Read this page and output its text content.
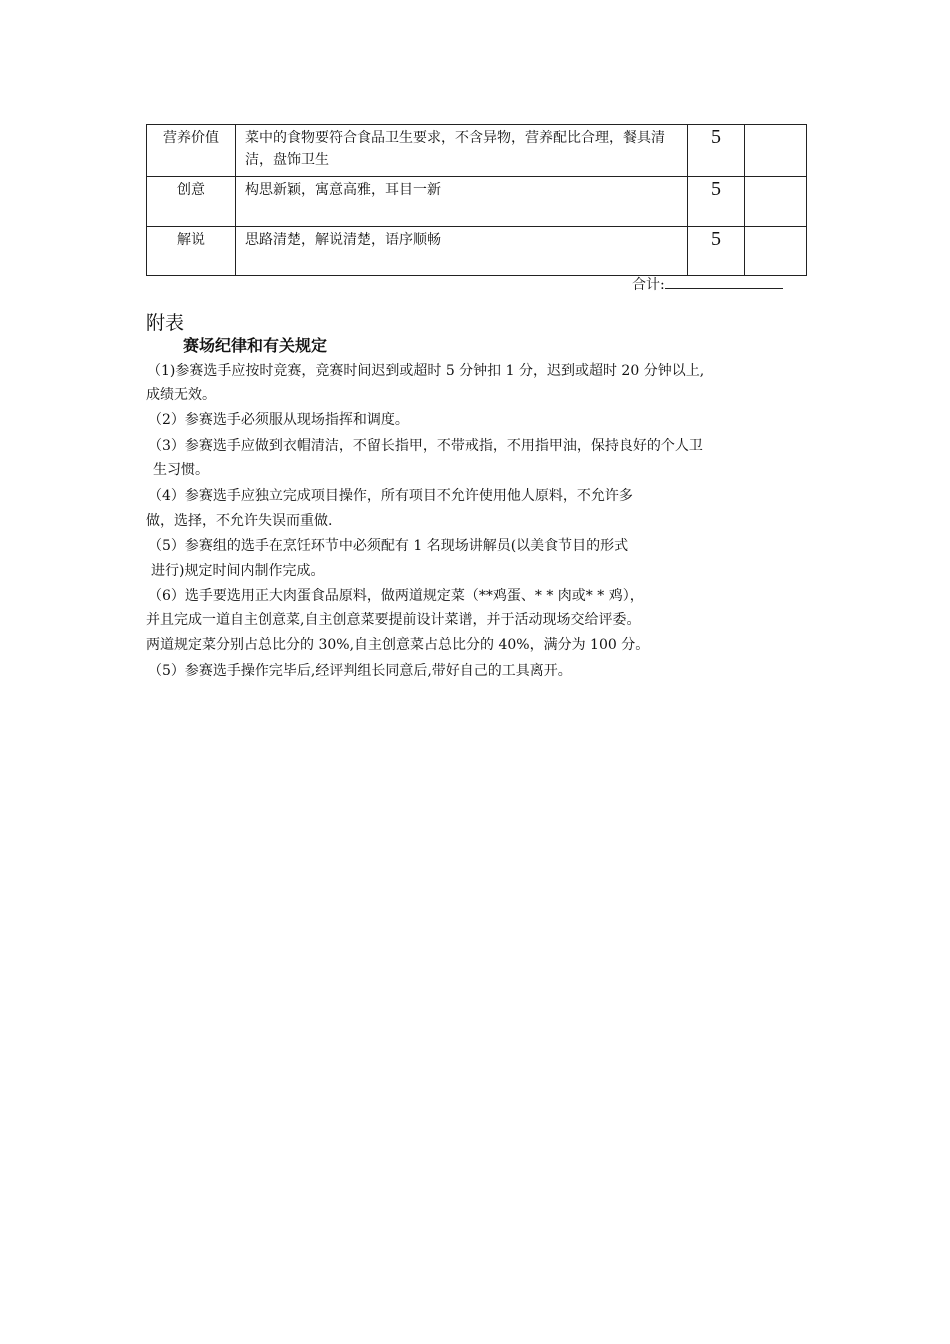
营养价值	菜中的食物要符合食品卫生要求，不含异物，营养配比合理，餐具清洁，盘饰卫生	5	
创意	构思新颖，寓意高雅，耳目一新	5	
解说	思路清楚，解说清楚，语序顺畅	5	
合计:
附表
赛场纪律和有关规定

（1)参赛选手应按时竞赛，竞赛时间迟到或超时 5 分钟扣 1 分，迟到或超时 20 分钟以上,

成绩无效。

（2）参赛选手必须服从现场指挥和调度。

（3）参赛选手应做到衣帽清洁，不留长指甲，不带戒指，不用指甲油，保持良好的个人卫

生习惯。

（4）参赛选手应独立完成项目操作，所有项目不允许使用他人原料，不允许多

做，选择，不允许失误而重做.

（5）参赛组的选手在烹饪环节中必须配有 1 名现场讲解员(以美食节目的形式

进行)规定时间内制作完成。

（6）选手要选用正大肉蛋食品原料，做两道规定菜（**鸡蛋、* * 肉或* * 鸡），

并且完成一道自主创意菜,自主创意菜要提前设计菜谱，并于活动现场交给评委。

两道规定菜分别占总比分的 30%,自主创意菜占总比分的 40%，满分为 100 分。

（5）参赛选手操作完毕后,经评判组长同意后,带好自己的工具离开。
